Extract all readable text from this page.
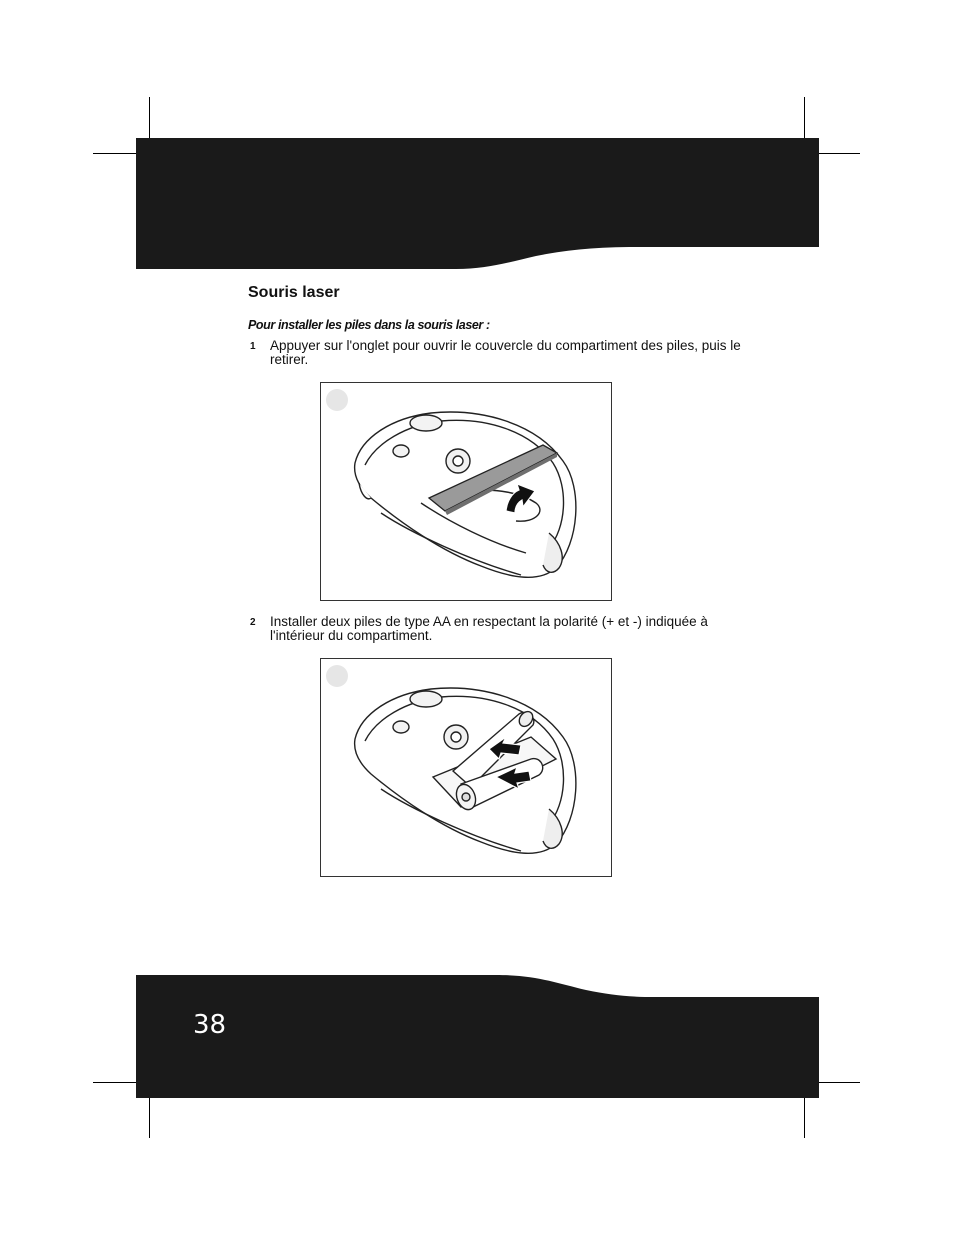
Souris laser
Pour installer les piles dans la souris laser :
1 Appuyer sur l'onglet pour ouvrir le couvercle du compartiment des piles, puis le retirer.
2 Installer deux piles de type AA en respectant la polarité (+ et -) indiquée à l'intérieur du compartiment.
38
